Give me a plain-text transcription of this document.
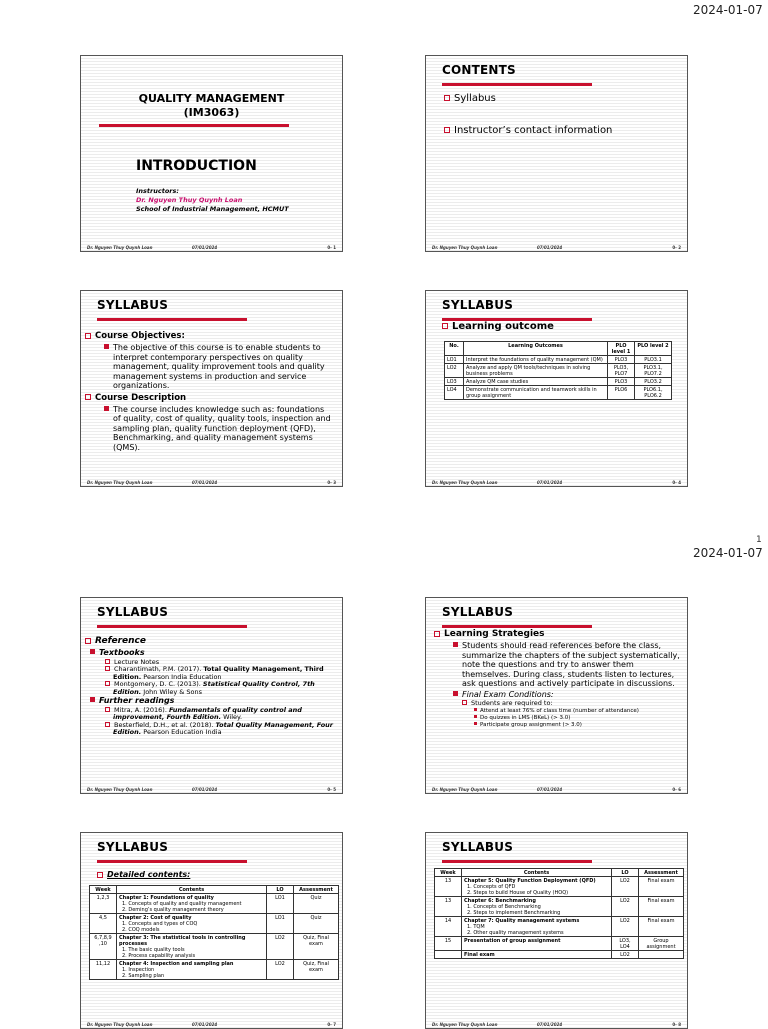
2024-01-07
1
2024-01-07
QUALITY MANAGEMENT
(IM3063)
INTRODUCTION
Instructors:
Dr. Nguyen Thuy Quynh Loan
School of Industrial Management, HCMUT
Dr. Nguyen Thuy Quynh Loan	07/01/2024	0- 1
CONTENTS
Syllabus
Instructor’s contact information
Dr. Nguyen Thuy Quynh Loan	07/01/2024	0- 2
SYLLABUS
Course Objectives:
The objective of this course is to enable students to interpret contemporary perspectives on quality management, quality improvement tools and quality management systems in production and service organizations.
Course Description
The course includes knowledge such as: foundations of quality, cost of quality, quality tools, inspection and sampling plan, quality function deployment (QFD), Benchmarking, and quality management systems (QMS).
Dr. Nguyen Thuy Quynh Loan	07/01/2024	0- 3
SYLLABUS
Learning outcome
No.	Learning Outcomes	PLO level 1	PLO level 2
LO1	Interpret the foundations of quality management (QM)	PLO3	PLO3.1
LO2	Analyze and apply QM tools/techniques in solving business problems	PLO3, PLO7	PLO3.1, PLO7.2
LO3	Analyze QM case studies	PLO3	PLO3.2
LO4	Demonstrate communication and teamwork skills in group assignment	PLO6	PLO6.1, PLO6.2
Dr. Nguyen Thuy Quynh Loan	07/01/2024	0- 4
SYLLABUS
Reference
Textbooks
Lecture Notes
Charantimath, P.M. (2017). Total Quality Management, Third Edition. Pearson India Education
Montgomery, D. C. (2013). Statistical Quality Control, 7th Edition. John Wiley & Sons
Further readings
Mitra, A. (2016). Fundamentals of quality control and improvement, Fourth Edition. Wiley.
Besterfield, D.H., et al. (2018). Total Quality Management, Four Edition. Pearson Education India
Dr. Nguyen Thuy Quynh Loan	07/01/2024	0- 5
SYLLABUS
Learning Strategies
Students should read references before the class, summarize the chapters of the subject systematically, note the questions and try to answer them themselves. During class, students listen to lectures, ask questions and actively participate in discussions.
Final Exam Conditions:
Students are required to:
Attend at least 76% of class time (number of attendance)
Do quizzes in LMS (BKeL) (> 3.0)
Participate group assignment (> 3.0)
Dr. Nguyen Thuy Quynh Loan	07/01/2024	0- 6
SYLLABUS
Detailed contents:
Week	Contents	LO	Assessment
1,2,3	Chapter 1: Foundations of quality
1. Concepts of quality and quality management
2. Deming’s quality management theory	LO1	Quiz
4,5	Chapter 2: Cost of quality
1. Concepts and types of COQ
2. COQ models	LO1	Quiz
6,7,8,9 ,10	Chapter 3: The statistical tools in controlling processes
1. The basic quality tools
2. Process capability analysis	LO2	Quiz, Final exam
11,12	Chapter 4: Inspection and sampling plan
1. Inspection
2. Sampling plan	LO2	Quiz, Final exam
Dr. Nguyen Thuy Quynh Loan	07/01/2024	0- 7
SYLLABUS
Week	Contents	LO	Assessment
13	Chapter 5: Quality Function Deployment (QFD)
1. Concepts of QFD
2. Steps to build House of Quality (HOQ)	LO2	Final exam
13	Chapter 6: Benchmarking
1. Concepts of Benchmarking
2. Steps to implement Benchmarking	LO2	Final exam
14	Chapter 7: Quality management systems
1. TQM
2. Other quality management systems	LO2	Final exam
15	Presentation of group assignment	LO3, LO4	Group assignment

	Final exam	LO2	
Dr. Nguyen Thuy Quynh Loan	07/01/2024	0- 8
